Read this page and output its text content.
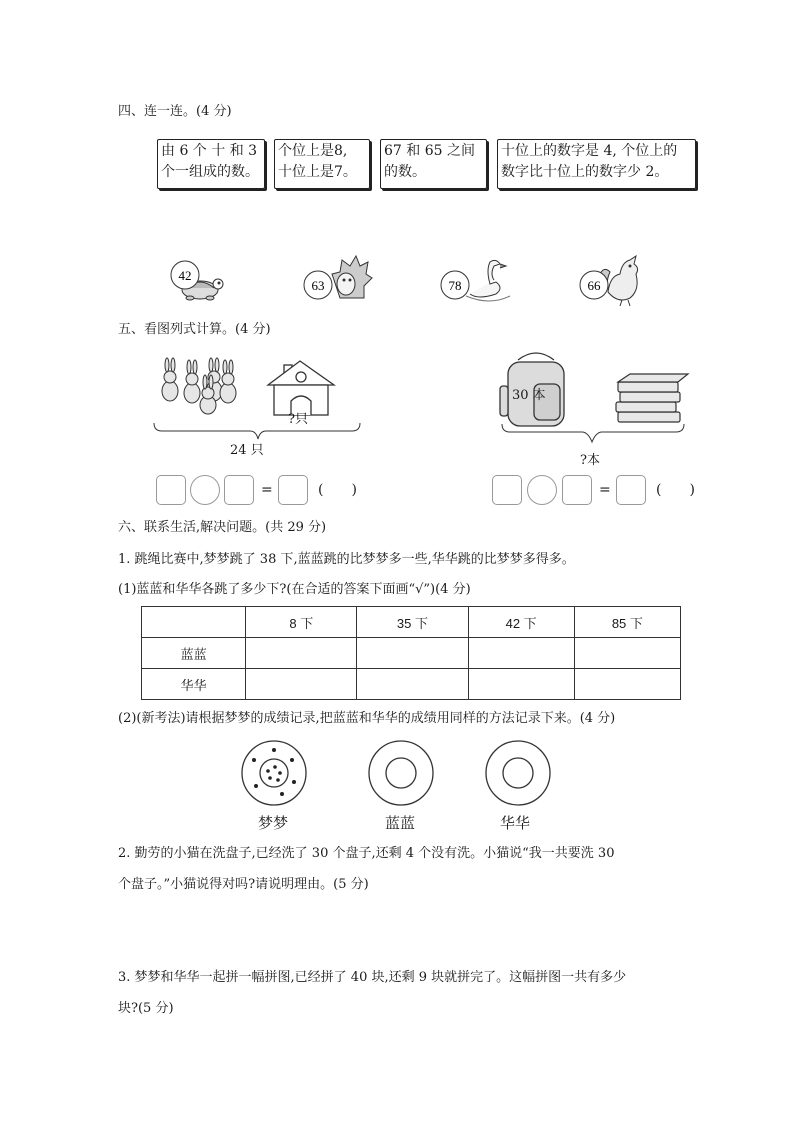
四、连一连。(4 分)
由 6 个 十 和 3
个一组成的数。
个位上是8,
十位上是7。
67 和 65 之间
的数。
十位上的数字是 4, 个位上的
数字比十位上的数字少 2。
42
63	78	66
五、看图列式计算。(4 分)
?只
24 只
30 本
?本
=	(　　)	=	(　　)
六、联系生活,解决问题。(共 29 分)
1. 跳绳比赛中,梦梦跳了 38 下,蓝蓝跳的比梦梦多一些,华华跳的比梦梦多得多。
(1)蓝蓝和华华各跳了多少下?(在合适的答案下面画“√”)(4 分)
	8 下	35 下	42 下	85 下
蓝蓝				
华华				
(2)(新考法)请根据梦梦的成绩记录,把蓝蓝和华华的成绩用同样的方法记录下来。(4 分)
梦梦	蓝蓝	华华
2. 勤劳的小猫在洗盘子,已经洗了 30 个盘子,还剩 4 个没有洗。小猫说“我一共要洗 30
个盘子。”小猫说得对吗?请说明理由。(5 分)
3. 梦梦和华华一起拼一幅拼图,已经拼了 40 块,还剩 9 块就拼完了。这幅拼图一共有多少
块?(5 分)
